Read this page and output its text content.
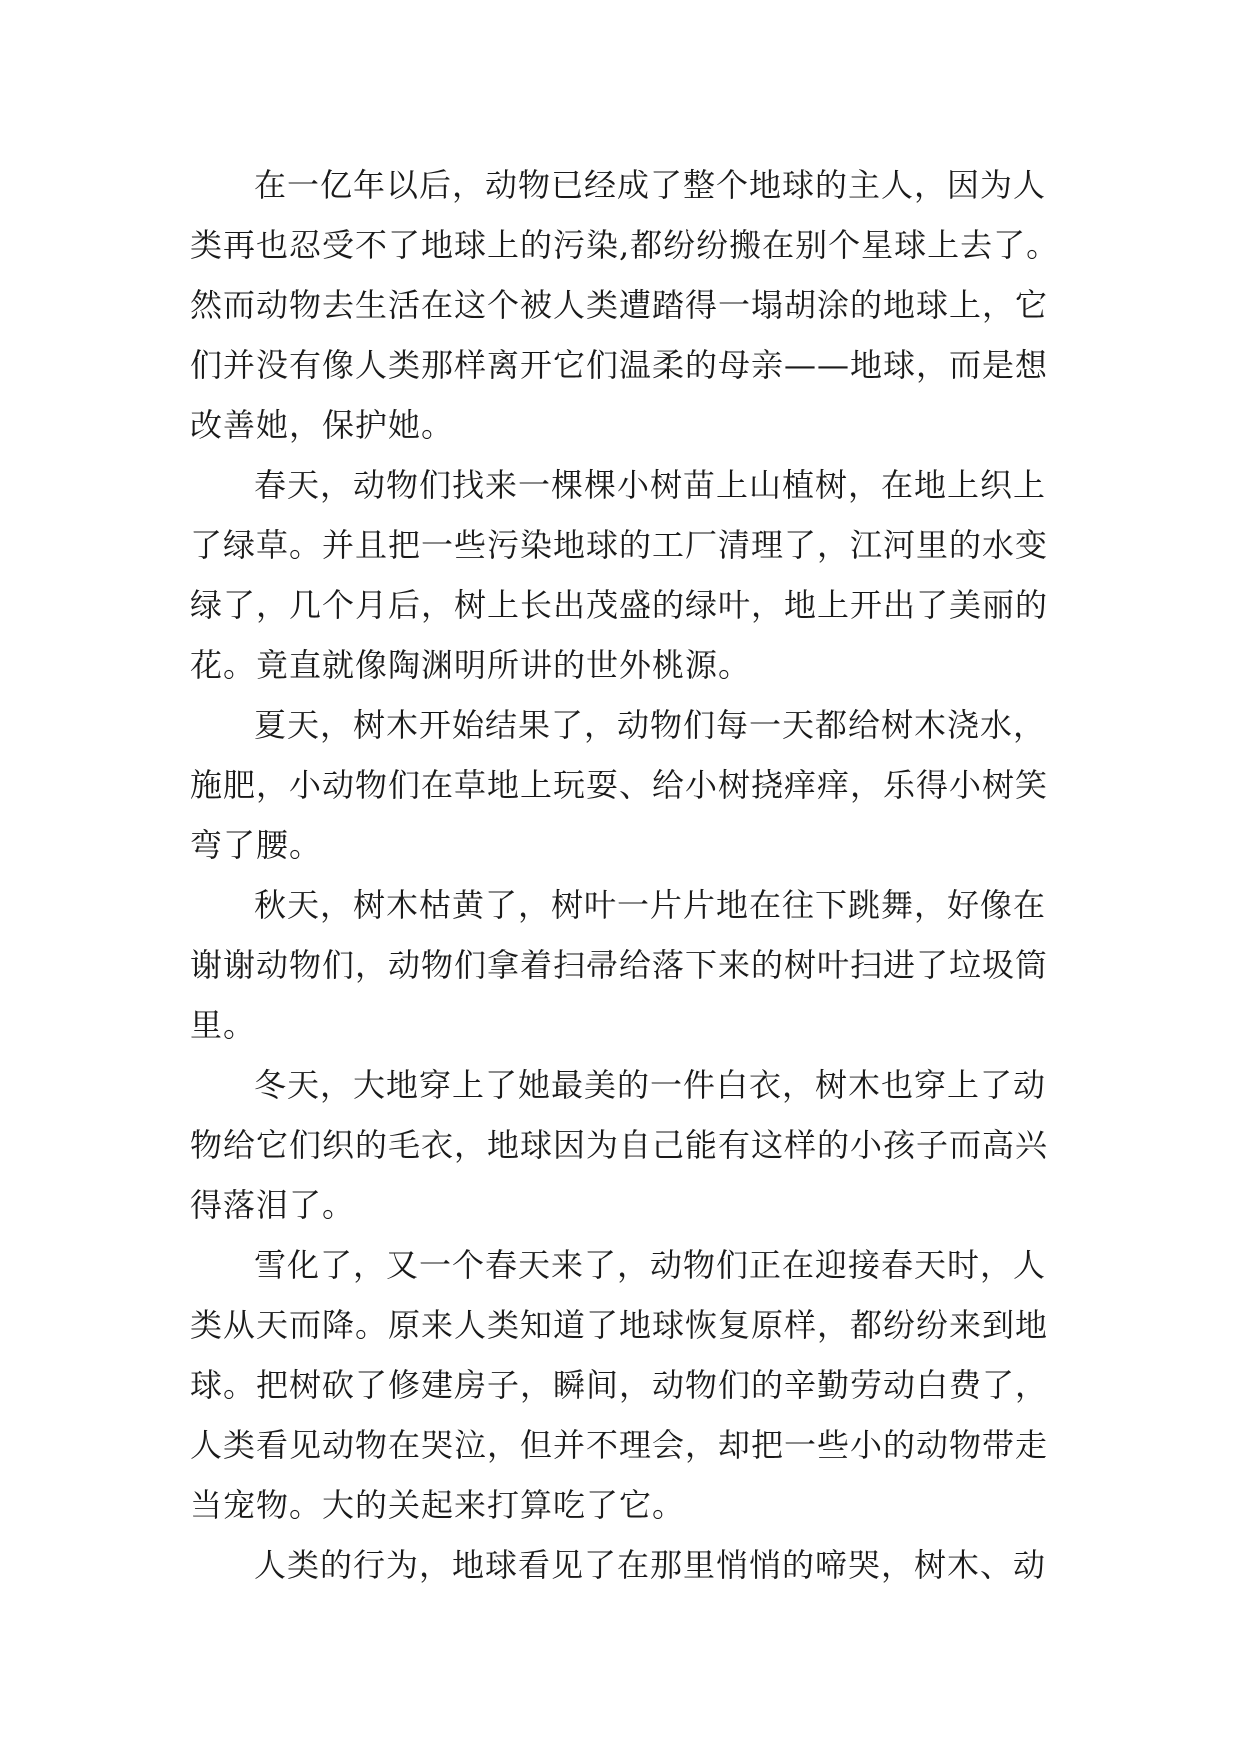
在一亿年以后，动物已经成了整个地球的主人，因为人
类再也忍受不了地球上的污染,都纷纷搬在别个星球上去了。
然而动物去生活在这个被人类遭踏得一塌胡涂的地球上，它
们并没有像人类那样离开它们温柔的母亲——地球，而是想
改善她，保护她。
春天，动物们找来一棵棵小树苗上山植树，在地上织上
了绿草。并且把一些污染地球的工厂清理了，江河里的水变
绿了，几个月后，树上长出茂盛的绿叶，地上开出了美丽的
花。竟直就像陶渊明所讲的世外桃源。
夏天，树木开始结果了，动物们每一天都给树木浇水，
施肥，小动物们在草地上玩耍、给小树挠痒痒，乐得小树笑
弯了腰。
秋天，树木枯黄了，树叶一片片地在往下跳舞，好像在
谢谢动物们，动物们拿着扫帚给落下来的树叶扫进了垃圾筒
里。
冬天，大地穿上了她最美的一件白衣，树木也穿上了动
物给它们织的毛衣，地球因为自己能有这样的小孩子而高兴
得落泪了。
雪化了，又一个春天来了，动物们正在迎接春天时，人
类从天而降。原来人类知道了地球恢复原样，都纷纷来到地
球。把树砍了修建房子，瞬间，动物们的辛勤劳动白费了，
人类看见动物在哭泣，但并不理会，却把一些小的动物带走
当宠物。大的关起来打算吃了它。
人类的行为，地球看见了在那里悄悄的啼哭，树木、动
